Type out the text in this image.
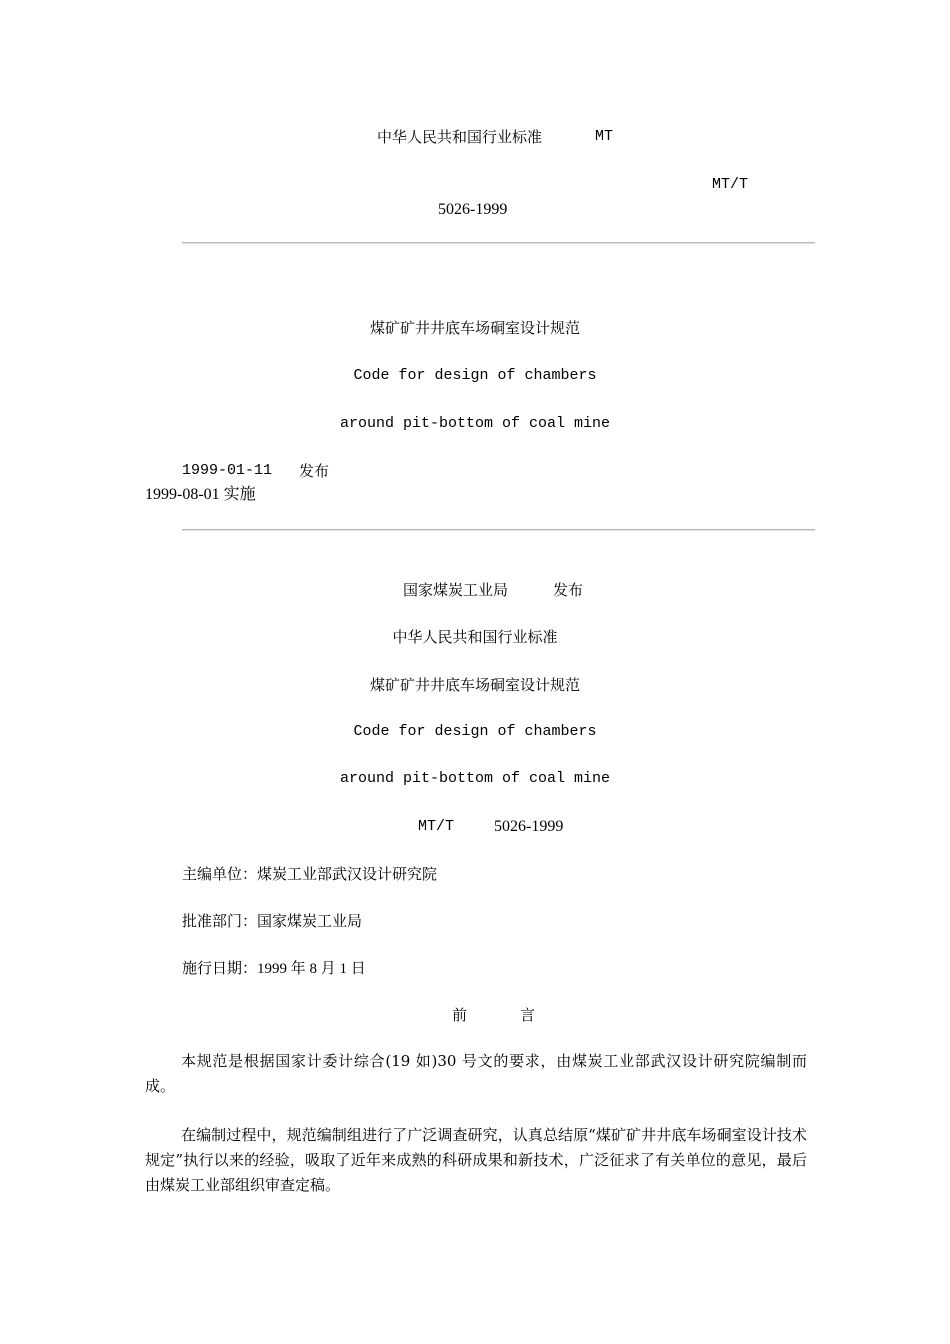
中华人民共和国行业标准	MT
MT/T
5026-1999
煤矿矿井井底车场硐室设计规范
Code for design of chambers
around pit-bottom of coal mine
1999-01-11 发布
1999-08-01 实施
国家煤炭工业局	发布
中华人民共和国行业标准
煤矿矿井井底车场硐室设计规范
Code for design of chambers
around pit-bottom of coal mine
MT/T 5026-1999
主编单位：煤炭工业部武汉设计研究院
批准部门：国家煤炭工业局
施行日期：1999 年 8 月 1 日
前	言
本规范是根据国家计委计综合(19 如)30 号文的要求，由煤炭工业部武汉设计研究院编制而成。
在编制过程中，规范编制组进行了广泛调查研究，认真总结原“煤矿矿井井底车场硐室设计技术规定”执行以来的经验，吸取了近年来成熟的科研成果和新技术，广泛征求了有关单位的意见，最后由煤炭工业部组织审查定稿。
